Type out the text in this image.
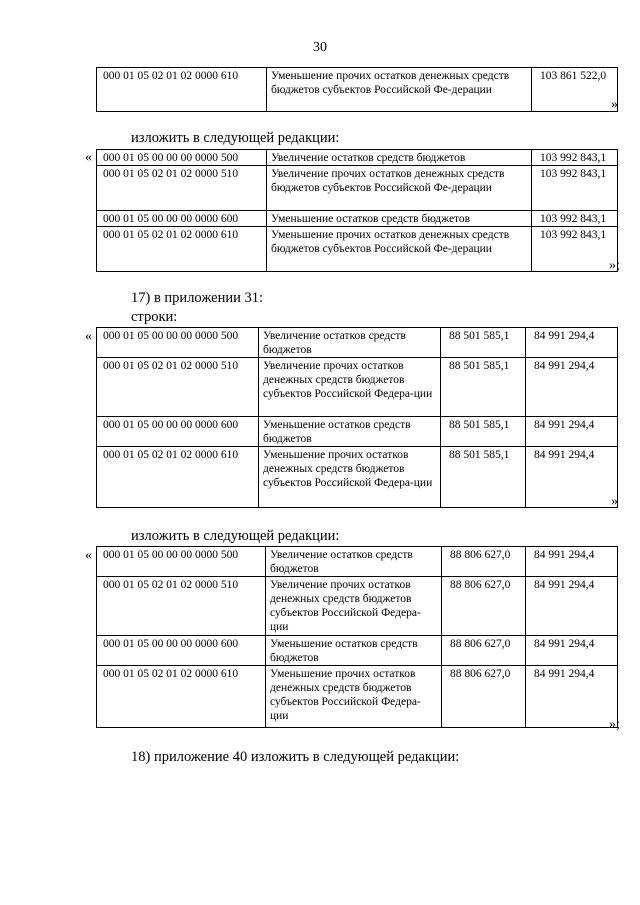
30
000 01 05 02 01 02 0000 610	Уменьшение прочих остатков денежных средств бюджетов субъектов Российской Фе-дерации	103 861 522,0
»
изложить в следующей редакции:
« 000 01 05 00 00 00 0000 500	Увеличение остатков средств бюджетов	103 992 843,1
000 01 05 02 01 02 0000 510	Увеличение прочих остатков денежных средств бюджетов субъектов Российской Фе-дерации	103 992 843,1
000 01 05 00 00 00 0000 600	Уменьшение остатков средств бюджетов	103 992 843,1
000 01 05 02 01 02 0000 610	Уменьшение прочих остатков денежных средств бюджетов субъектов Российской Фе-дерации	103 992 843,1
»;
17) в приложении 31:
строки:
« 000 01 05 00 00 00 0000 500	Увеличение остатков средств бюджетов	88 501 585,1	84 991 294,4
000 01 05 02 01 02 0000 510	Увеличение прочих остатков денежных средств бюджетов субъектов Российской Федера-ции	88 501 585,1	84 991 294,4
000 01 05 00 00 00 0000 600	Уменьшение остатков средств бюджетов	88 501 585,1	84 991 294,4
000 01 05 02 01 02 0000 610	Уменьшение прочих остатков денежных средств бюджетов субъектов Российской Федера-ции	88 501 585,1	84 991 294,4
»
изложить в следующей редакции:
« 000 01 05 00 00 00 0000 500	Увеличение остатков средств бюджетов	88 806 627,0	84 991 294,4
000 01 05 02 01 02 0000 510	Увеличение прочих остатков денежных средств бюджетов субъектов Российской Федера-ции	88 806 627,0	84 991 294,4
000 01 05 00 00 00 0000 600	Уменьшение остатков средств бюджетов	88 806 627,0	84 991 294,4
000 01 05 02 01 02 0000 610	Уменьшение прочих остатков денежных средств бюджетов субъектов Российской Федера-ции	88 806 627,0	84 991 294,4
»;
18) приложение 40 изложить в следующей редакции:
